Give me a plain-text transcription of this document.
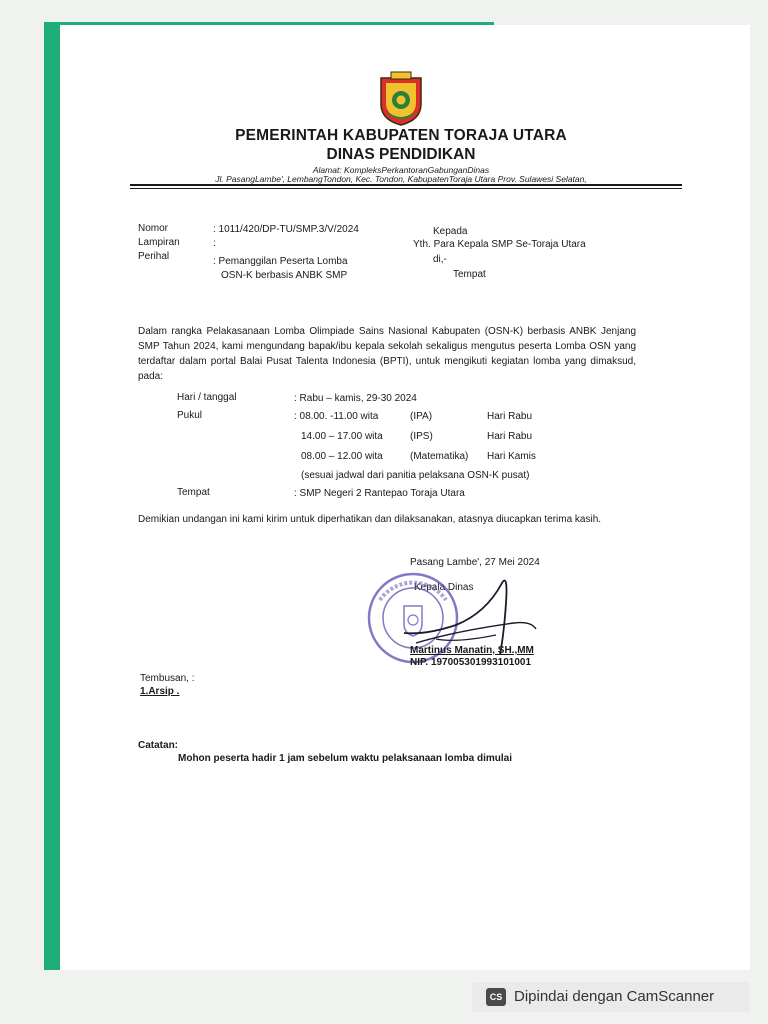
PEMERINTAH KABUPATEN TORAJA UTARA
DINAS PENDIDIKAN
Alamat: KompleksPerkantoranGabunganDinas
Jl. PasangLambe', LembangTondon, Kec. Tondon, KabupatenToraja Utara Prov. Sulawesi Selatan,
Nomor	: 1011/420/DP-TU/SMP.3/V/2024
Lampiran	:
Perihal	: Pemanggilan Peserta Lomba
OSN-K berbasis ANBK SMP
Kepada
Yth. Para Kepala SMP Se-Toraja Utara
di,-
Tempat
Dalam rangka Pelakasanaan Lomba Olimpiade Sains Nasional Kabupaten (OSN-K) berbasis ANBK Jenjang SMP Tahun 2024, kami mengundang bapak/ibu kepala sekolah sekaligus mengutus peserta Lomba OSN yang terdaftar dalam portal Balai Pusat Talenta Indonesia (BPTI), untuk mengikuti kegiatan lomba yang dimaksud, pada:
Hari / tanggal	: Rabu – kamis, 29-30 2024
Pukul	: 08.00. -11.00 wita	(IPA)	Hari Rabu
14.00 – 17.00 wita	(IPS)	Hari Rabu
08.00 – 12.00 wita	(Matematika) Hari Kamis
(sesuai jadwal dari panitia pelaksana OSN-K pusat)
Tempat	: SMP Negeri 2 Rantepao Toraja Utara
Demikian undangan ini kami kirim untuk diperhatikan dan dilaksanakan, atasnya diucapkan terima kasih.
Pasang Lambe', 27 Mei 2024
Kepala Dinas
Martinus Manatin, SH.,MM
NIP. 197005301993101001
Tembusan, :
1.Arsip .
Catatan:
Mohon peserta hadir 1 jam sebelum waktu pelaksanaan lomba dimulai
CS Dipindai dengan CamScanner
